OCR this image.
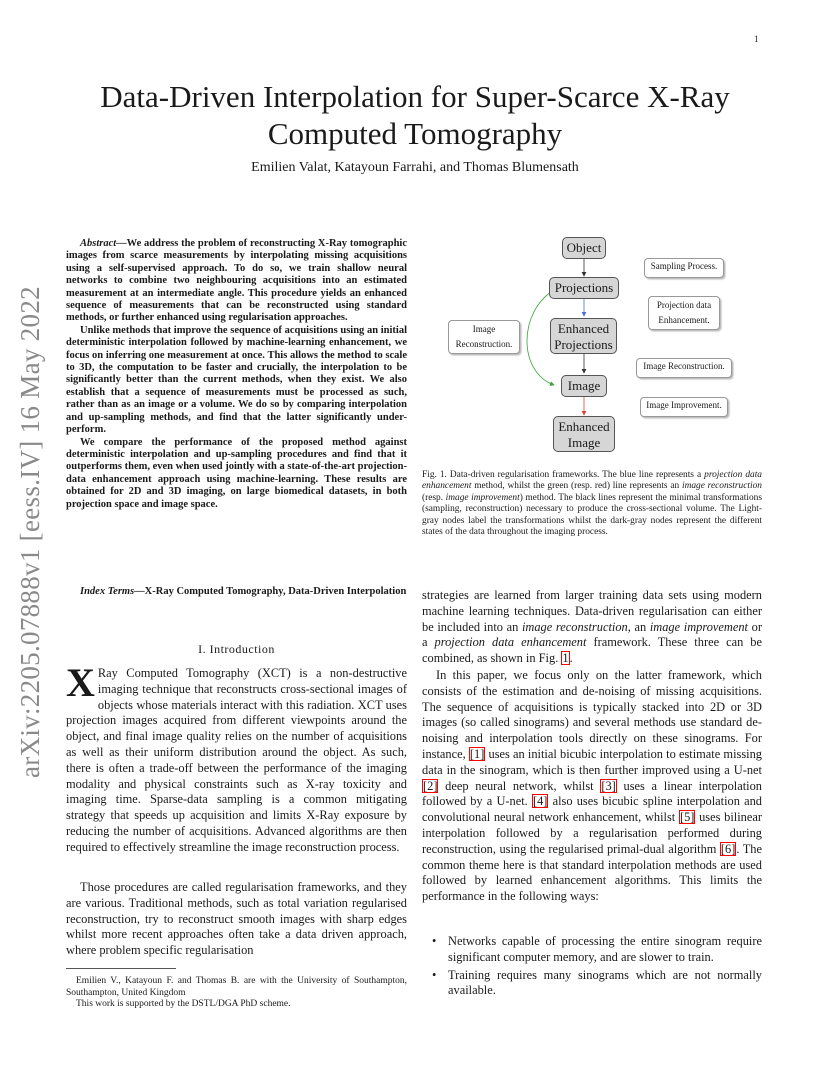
1
arXiv:2205.07888v1 [eess.IV] 16 May 2022
Data-Driven Interpolation for Super-Scarce X-Ray Computed Tomography
Emilien Valat, Katayoun Farrahi, and Thomas Blumensath

Abstract—We address the problem of reconstructing X-Ray tomographic images from scarce measurements by interpolating missing acquisitions using a self-supervised approach. To do so, we train shallow neural networks to combine two neighbouring acquisitions into an estimated measurement at an intermediate angle. This procedure yields an enhanced sequence of measurements that can be reconstructed using standard methods, or further enhanced using regularisation approaches.

Unlike methods that improve the sequence of acquisitions using an initial deterministic interpolation followed by machine-learning enhancement, we focus on inferring one measurement at once. This allows the method to scale to 3D, the computation to be faster and crucially, the interpolation to be significantly better than the current methods, when they exist. We also establish that a sequence of measurements must be processed as such, rather than as an image or a volume. We do so by comparing interpolation and up-sampling methods, and find that the latter significantly under-perform.

We compare the performance of the proposed method against deterministic interpolation and up-sampling procedures and find that it outperforms them, even when used jointly with a state-of-the-art projection-data enhancement approach using machine-learning. These results are obtained for 2D and 3D imaging, on large biomedical datasets, in both projection space and image space.

Index Terms—X-Ray Computed Tomography, Data-Driven Interpolation

I. Introduction
X Ray Computed Tomography (XCT) is a non-destructive imaging technique that reconstructs cross-sectional images of objects whose materials interact with this radiation. XCT uses projection images acquired from different viewpoints around the object, and final image quality relies on the number of acquisitions as well as their uniform distribution around the object. As such, there is often a trade-off between the performance of the imaging modality and physical constraints such as X-ray toxicity and imaging time. Sparse-data sampling is a common mitigating strategy that speeds up acquisition and limits X-Ray exposure by reducing the number of acquisitions. Advanced algorithms are then required to effectively streamline the image reconstruction process.

Those procedures are called regularisation frameworks, and they are various. Traditional methods, such as total variation regularised reconstruction, try to reconstruct smooth images with sharp edges whilst more recent approaches often take a data driven approach, where problem specific regularisation

Emilien V., Katayoun F. and Thomas B. are with the University of Southampton, Southampton, United Kingdom

This work is supported by the DSTL/DGA PhD scheme.

Object
Projections
Enhanced
Projections
Image
Enhanced
Image
Sampling Process.
Projection data
Enhancement.
Image
Reconstruction.
Image Reconstruction.
Image Improvement.
Fig. 1. Data-driven regularisation frameworks. The blue line represents a projection data enhancement method, whilst the green (resp. red) line represents an image reconstruction (resp. image improvement) method. The black lines represent the minimal transformations (sampling, reconstruction) necessary to produce the cross-sectional volume. The Light-gray nodes label the transformations whilst the dark-gray nodes represent the different states of the data throughout the imaging process.
strategies are learned from larger training data sets using modern machine learning techniques. Data-driven regularisation can either be included into an image reconstruction, an image improvement or a projection data enhancement framework. These three can be combined, as shown in Fig. 1.

In this paper, we focus only on the latter framework, which consists of the estimation and de-noising of missing acquisitions. The sequence of acquisitions is typically stacked into 2D or 3D images (so called sinograms) and several methods use standard de-noising and interpolation tools directly on these sinograms. For instance, [1] uses an initial bicubic interpolation to estimate missing data in the sinogram, which is then further improved using a U-net [2] deep neural network, whilst [3] uses a linear interpolation followed by a U-net. [4] also uses bicubic spline interpolation and convolutional neural network enhancement, whilst [5] uses bilinear interpolation followed by a regularisation performed during reconstruction, using the regularised primal-dual algorithm [6]. The common theme here is that standard interpolation methods are used followed by learned enhancement algorithms. This limits the performance in the following ways:

• Networks capable of processing the entire sinogram require significant computer memory, and are slower to train.
• Training requires many sinograms which are not normally available.
